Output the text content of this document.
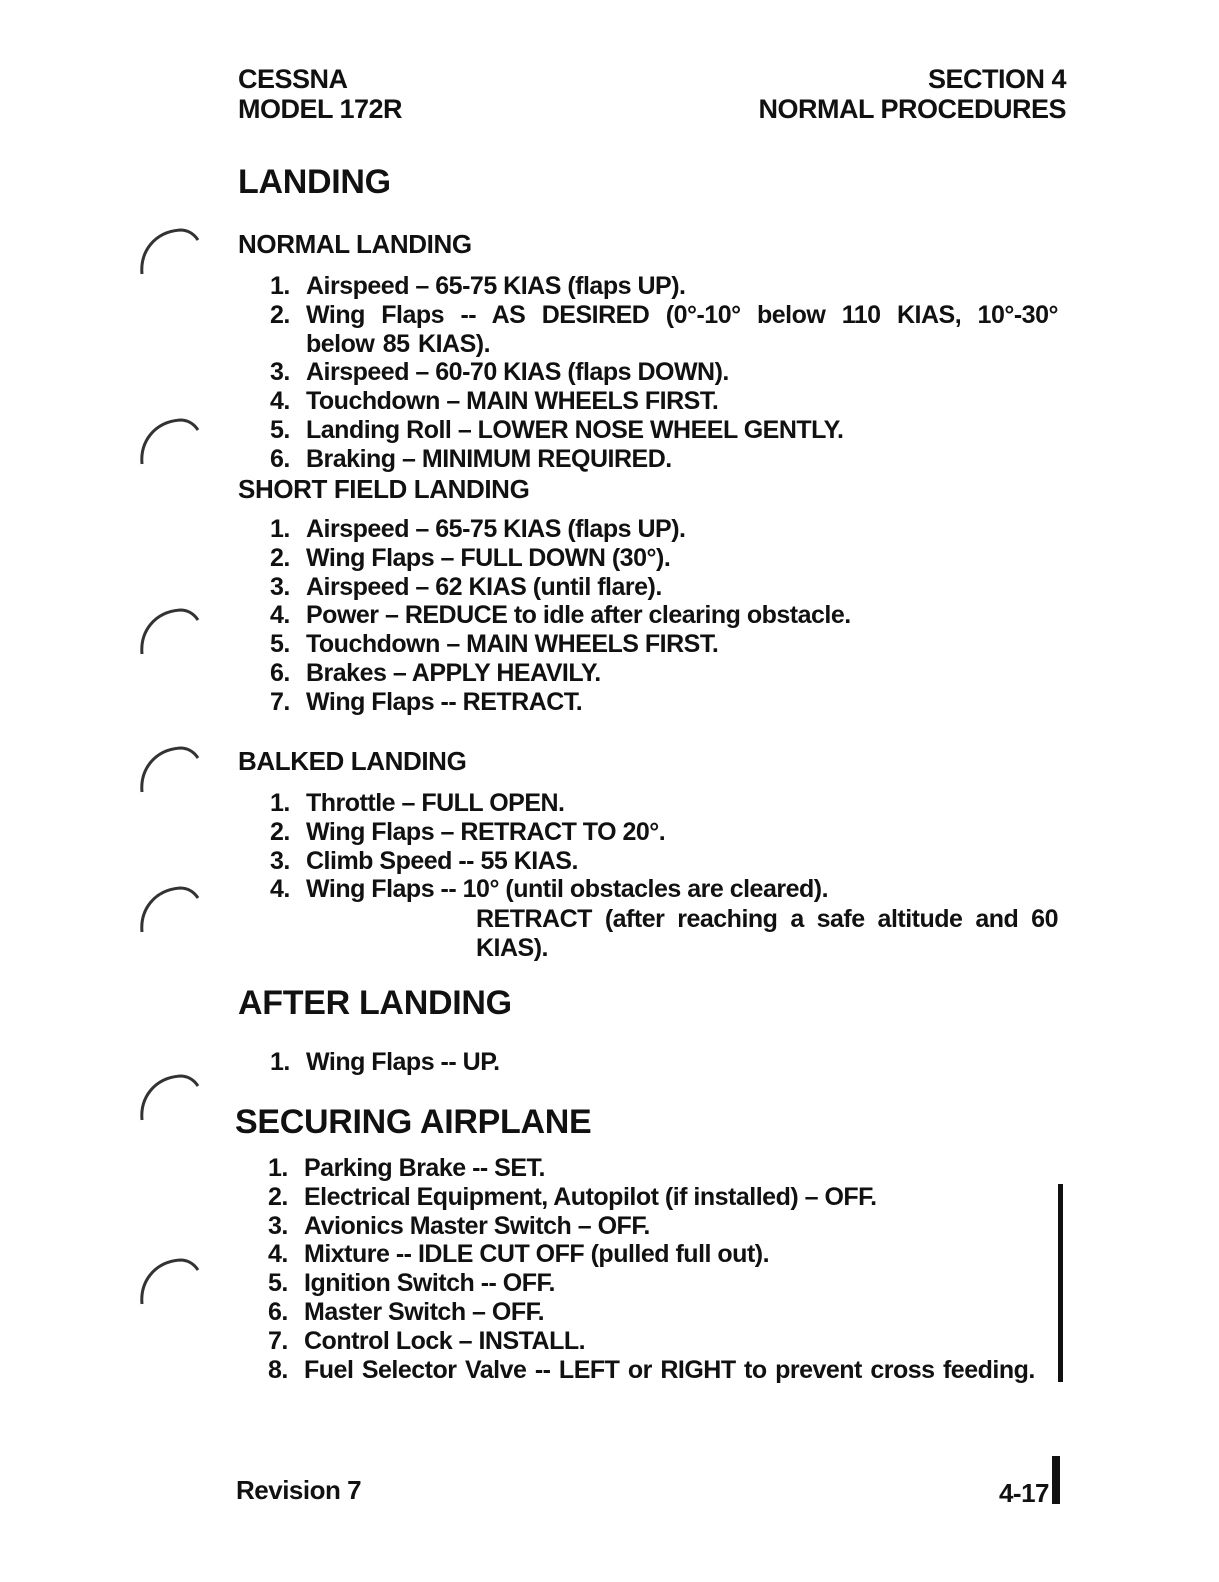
CESSNA
MODEL 172R
SECTION 4
NORMAL PROCEDURES
LANDING
NORMAL LANDING
1. Airspeed – 65-75 KIAS (flaps UP).
2. Wing Flaps -- AS DESIRED (0°-10° below 110 KIAS, 10°-30° below 85 KIAS).
3. Airspeed – 60-70 KIAS (flaps DOWN).
4. Touchdown – MAIN WHEELS FIRST.
5. Landing Roll – LOWER NOSE WHEEL GENTLY.
6. Braking – MINIMUM REQUIRED.
SHORT FIELD LANDING
1. Airspeed – 65-75 KIAS (flaps UP).
2. Wing Flaps – FULL DOWN (30°).
3. Airspeed – 62 KIAS (until flare).
4. Power – REDUCE to idle after clearing obstacle.
5. Touchdown – MAIN WHEELS FIRST.
6. Brakes – APPLY HEAVILY.
7. Wing Flaps -- RETRACT.
BALKED LANDING
1. Throttle – FULL OPEN.
2. Wing Flaps – RETRACT TO 20°.
3. Climb Speed -- 55 KIAS.
4. Wing Flaps -- 10° (until obstacles are cleared).
RETRACT (after reaching a safe altitude and 60 KIAS).
AFTER LANDING
1. Wing Flaps -- UP.
SECURING AIRPLANE
1. Parking Brake -- SET.
2. Electrical Equipment, Autopilot (if installed) – OFF.
3. Avionics Master Switch – OFF.
4. Mixture -- IDLE CUT OFF (pulled full out).
5. Ignition Switch -- OFF.
6. Master Switch – OFF.
7. Control Lock – INSTALL.
8. Fuel Selector Valve -- LEFT or RIGHT to prevent cross feeding.
Revision 7	4-17
